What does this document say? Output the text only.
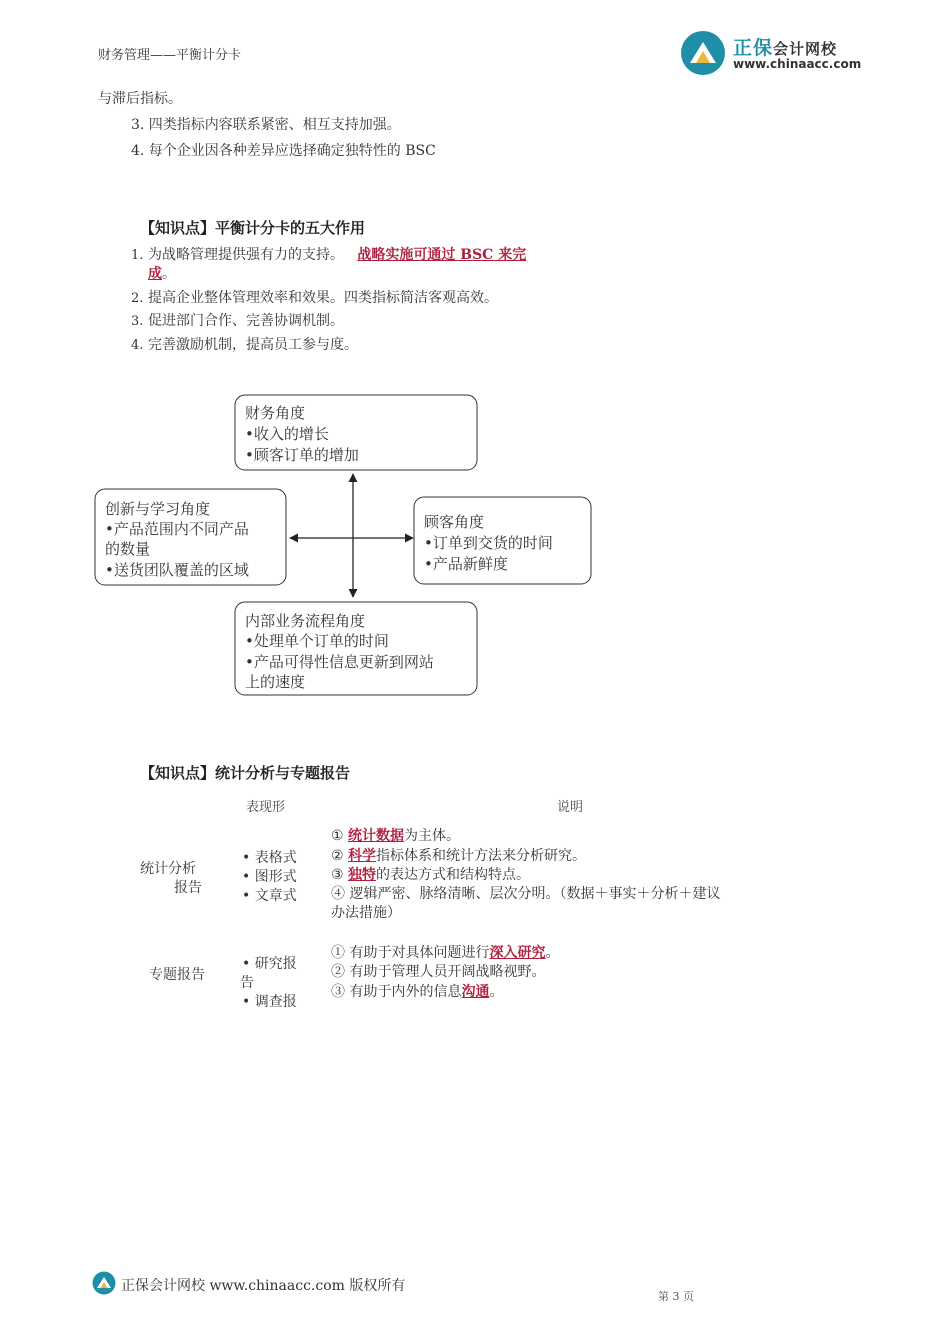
财务管理——平衡计分卡	正保会计网校
www.chinaacc.com
与滞后指标。
3. 四类指标内容联系紧密、相互支持加强。
4. 每个企业因各种差异应选择确定独特性的 BSC
【知识点】平衡计分卡的五大作用
1. 为战略管理提供强有力的支持。 战略实施可通过 BSC 来完
成。
2. 提高企业整体管理效率和效果。四类指标简洁客观高效。
3. 促进部门合作、完善协调机制。
4. 完善激励机制，提高员工参与度。
财务角度
•收入的增长
•顾客订单的增加
创新与学习角度
•产品范围内不同产品
的数量
•送货团队覆盖的区域
顾客角度
•订单到交货的时间
•产品新鲜度
内部业务流程角度
•处理单个订单的时间
•产品可得性信息更新到网站
上的速度
【知识点】统计分析与专题报告
表现形	说明
统计分析
报告
• 表格式
• 图形式
• 文章式
① 统计数据为主体。
② 科学指标体系和统计方法来分析研究。
③ 独特的表达方式和结构特点。
④ 逻辑严密、脉络清晰、层次分明。（数据＋事实＋分析＋建议
办法措施）
专题报告
• 研究报
告
• 调查报
① 有助于对具体问题进行深入研究。
② 有助于管理人员开阔战略视野。
③ 有助于内外的信息沟通。
正保会计网校 www.chinaacc.com 版权所有
第 3 页
